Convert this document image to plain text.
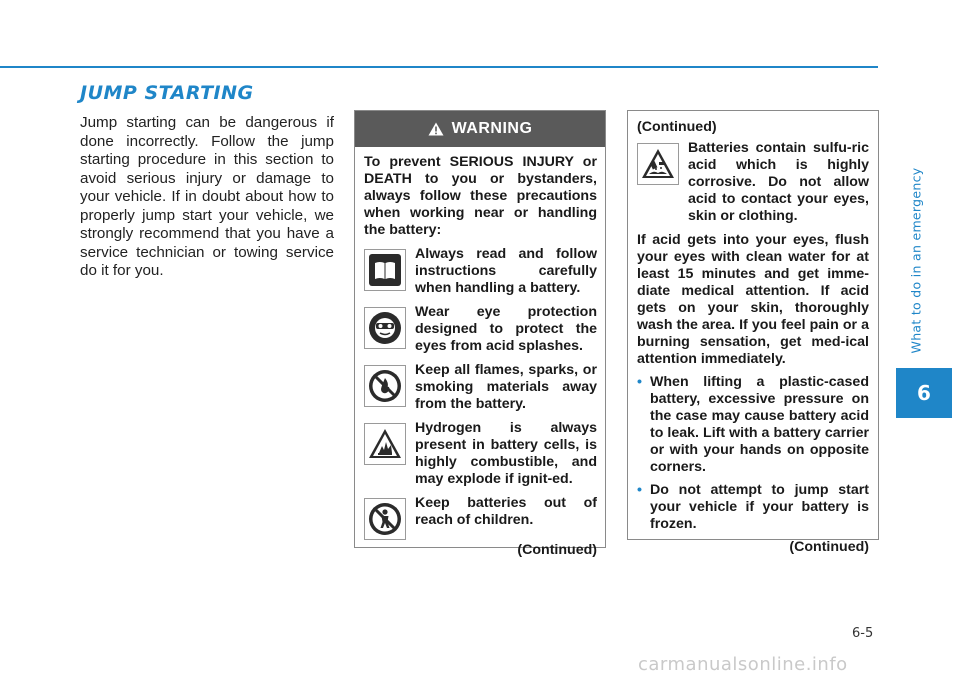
JUMP STARTING

Jump starting can be dangerous if done incorrectly. Follow the jump starting procedure in this section to avoid serious injury or damage to your vehicle. If in doubt about how to properly jump start your vehicle, we strongly recommend that you have a service technician or towing service do it for you.

WARNING

To prevent SERIOUS INJURY or DEATH to you or bystanders, always follow these precautions when working near or handling the battery:

Always read and follow instructions carefully when handling a battery.
Wear eye protection designed to protect the eyes from acid splashes.
Keep all flames, sparks, or smoking materials away from the battery.
Hydrogen is always present in battery cells, is highly combustible, and may explode if ignit-ed.
Keep batteries out of reach of children.
(Continued)

(Continued)

Batteries contain sulfu-ric acid which is highly corrosive. Do not allow acid to contact your eyes, skin or clothing.

If acid gets into your eyes, flush your eyes with clean water for at least 15 minutes and get imme-diate medical attention. If acid gets on your skin, thoroughly wash the area. If you feel pain or a burning sensation, get med-ical attention immediately.

• When lifting a plastic-cased battery, excessive pressure on the case may cause battery acid to leak. Lift with a battery carrier or with your hands on opposite corners.
• Do not attempt to jump start your vehicle if your battery is frozen.
(Continued)
What to do in an emergency
6
6-5
carmanualsonline.info
